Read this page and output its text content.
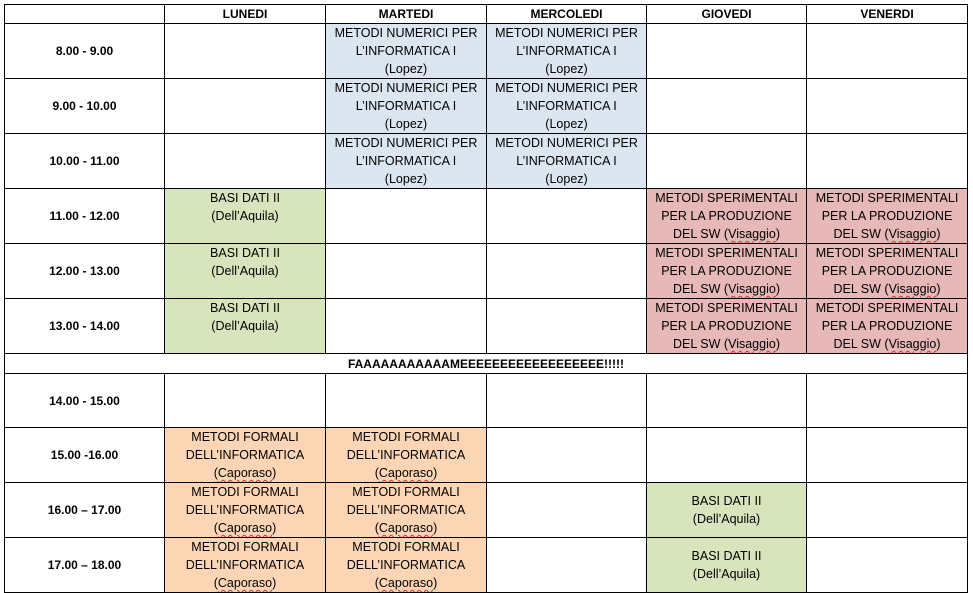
	LUNEDI	MARTEDI	MERCOLEDI	GIOVEDI	VENERDI
8.00 - 9.00		METODI NUMERICI PER
L’INFORMATICA I
(Lopez)	METODI NUMERICI PER
L’INFORMATICA I
(Lopez)		

9.00 - 10.00		METODI NUMERICI PER
L’INFORMATICA I
(Lopez)	METODI NUMERICI PER
L’INFORMATICA I
(Lopez)		

10.00 - 11.00		METODI NUMERICI PER
L’INFORMATICA I
(Lopez)	METODI NUMERICI PER
L’INFORMATICA I
(Lopez)		

11.00 - 12.00	BASI DATI II
(Dell’Aquila)			METODI SPERIMENTALI
PER LA PRODUZIONE
DEL SW (Visaggio)	METODI SPERIMENTALI
PER LA PRODUZIONE
DEL SW (Visaggio)

12.00 - 13.00	BASI DATI II
(Dell’Aquila)			METODI SPERIMENTALI
PER LA PRODUZIONE
DEL SW (Visaggio)	METODI SPERIMENTALI
PER LA PRODUZIONE
DEL SW (Visaggio)

13.00 - 14.00	BASI DATI II
(Dell’Aquila)			METODI SPERIMENTALI
PER LA PRODUZIONE
DEL SW (Visaggio)	METODI SPERIMENTALI
PER LA PRODUZIONE
DEL SW (Visaggio)

FAAAAAAAAAAAMEEEEEEEEEEEEEEEEEE!!!!!					
14.00 - 15.00					
15.00 -16.00	METODI FORMALI
DELL’INFORMATICA
(Caporaso)	METODI FORMALI
DELL’INFORMATICA
(Caporaso)			

16.00 – 17.00	METODI FORMALI
DELL’INFORMATICA
(Caporaso)	METODI FORMALI
DELL’INFORMATICA
(Caporaso)		BASI DATI II
(Dell’Aquila)	

17.00 – 18.00	METODI FORMALI
DELL’INFORMATICA
(Caporaso)	METODI FORMALI
DELL’INFORMATICA
(Caporaso)		BASI DATI II
(Dell’Aquila)	
